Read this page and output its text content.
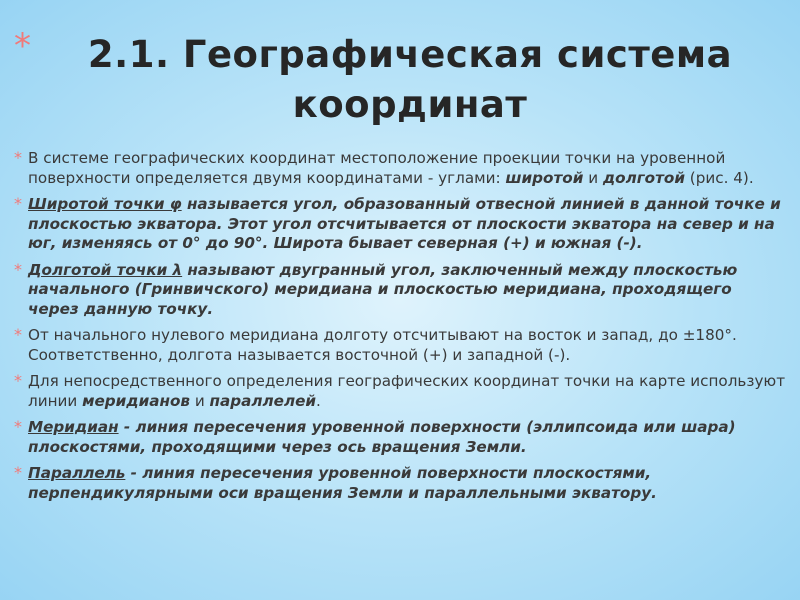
*	2.1. Географическая система координат
* В системе географических координат местоположение проекции точки на уровенной поверхности определяется двумя координатами - углами: широтой и долготой (рис. 4).
* Широтой точки φ называется угол, образованный отвесной линией в данной точке и плоскостью экватора. Этот угол отсчитывается от плоскости экватора на север и на юг, изменяясь от 0° до 90°. Широта бывает северная (+) и южная (-).
* Долготой точки λ называют двугранный угол, заключенный между плоскостью начального (Гринвичского) меридиана и плоскостью меридиана, проходящего через данную точку.
* От начального нулевого меридиана долготу отсчитывают на восток и запад, до ±180°. Соответственно, долгота называется восточной (+) и западной (-).
* Для непосредственного определения географических координат точки на карте используют линии меридианов и параллелей.
* Меридиан - линия пересечения уровенной поверхности (эллипсоида или шара) плоскостями, проходящими через ось вращения Земли.
* Параллель - линия пересечения уровенной поверхности плоскостями, перпендикулярными оси вращения Земли и параллельными экватору.
